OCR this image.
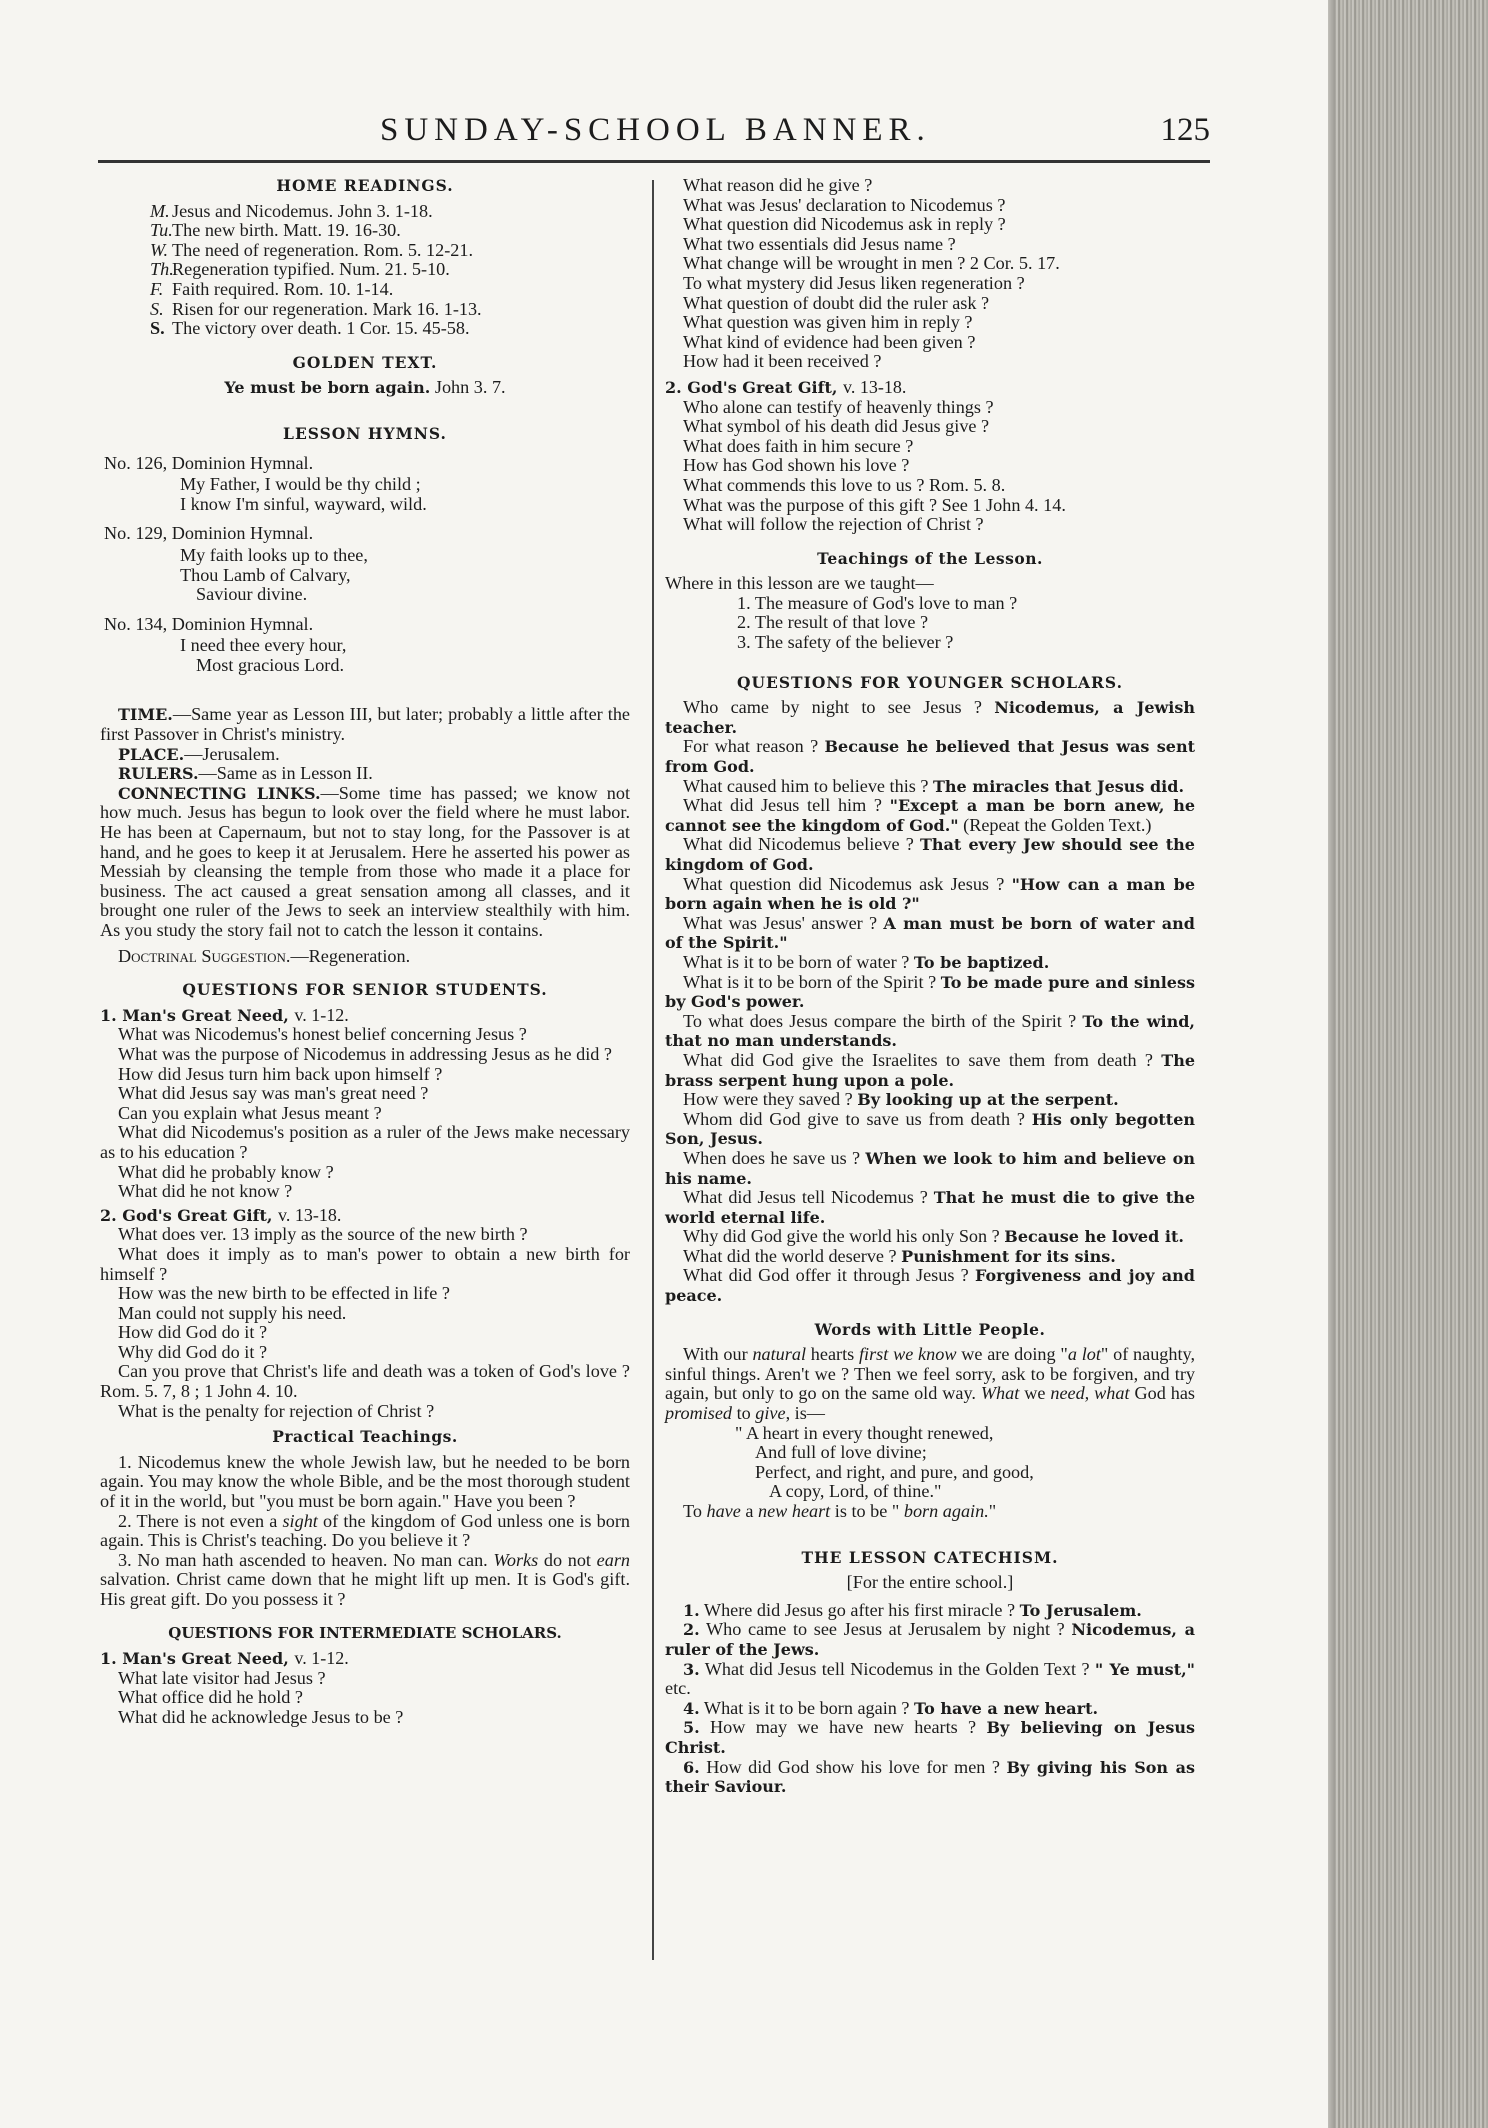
SUNDAY-SCHOOL BANNER.	125
HOME READINGS.
M. Jesus and Nicodemus. John 3. 1-18.
Tu. The new birth. Matt. 19. 16-30.
W. The need of regeneration. Rom. 5. 12-21.
Th.
Regeneration typified. Num. 21. 5-10.
F. Faith required. Rom. 10. 1-14.
S. Risen for our regeneration. Mark 16. 1-13.
S. The victory over death. 1 Cor. 15. 45-58.
GOLDEN TEXT.
Ye must be born again. John 3. 7.
LESSON HYMNS.
No. 126, Dominion Hymnal.
My Father, I would be thy child ;
I know I'm sinful, wayward, wild.
No. 129, Dominion Hymnal.
My faith looks up to thee,
Thou Lamb of Calvary,
Saviour divine.
No. 134, Dominion Hymnal.
I need thee every hour,
Most gracious Lord.

TIME.—Same year as Lesson III, but later; probably a little after the first Passover in Christ's ministry.

PLACE.—Jerusalem.

RULERS.—Same as in Lesson II.

CONNECTING LINKS.—Some time has passed; we know not how much. Jesus has begun to look over the field where he must labor. He has been at Capernaum, but not to stay long, for the Passover is at hand, and he goes to keep it at Jerusalem. Here he asserted his power as Messiah by cleansing the temple from those who made it a place for business. The act caused a great sensation among all classes, and it brought one ruler of the Jews to seek an interview stealthily with him. As you study the story fail not to catch the lesson it contains.

Doctrinal Suggestion.—Regeneration.

QUESTIONS FOR SENIOR STUDENTS.
1. Man's Great Need, v. 1-12.

What was Nicodemus's honest belief concerning Jesus ?

What was the purpose of Nicodemus in addressing Jesus as he did ?

How did Jesus turn him back upon himself ?

What did Jesus say was man's great need ?

Can you explain what Jesus meant ?

What did Nicodemus's position as a ruler of the Jews make necessary as to his education ?

What did he probably know ?

What did he not know ?

2. God's Great Gift, v. 13-18.

What does ver. 13 imply as the source of the new birth ?

What does it imply as to man's power to obtain a new birth for himself ?

How was the new birth to be effected in life ?

Man could not supply his need.

How did God do it ?

Why did God do it ?

Can you prove that Christ's life and death was a token of God's love ? Rom. 5. 7, 8 ; 1 John 4. 10.

What is the penalty for rejection of Christ ?

Practical Teachings.

1. Nicodemus knew the whole Jewish law, but he needed to be born again. You may know the whole Bible, and be the most thorough student of it in the world, but "you must be born again." Have you been ?

2. There is not even a sight of the kingdom of God unless one is born again. This is Christ's teaching. Do you believe it ?

3. No man hath ascended to heaven. No man can. Works do not earn salvation. Christ came down that he might lift up men. It is God's gift. His great gift. Do you possess it ?

QUESTIONS FOR INTERMEDIATE SCHOLARS.
1. Man's Great Need, v. 1-12.

What late visitor had Jesus ?

What office did he hold ?

What did he acknowledge Jesus to be ?

What reason did he give ?

What was Jesus' declaration to Nicodemus ?

What question did Nicodemus ask in reply ?

What two essentials did Jesus name ?

What change will be wrought in men ? 2 Cor. 5. 17.

To what mystery did Jesus liken regeneration ?

What question of doubt did the ruler ask ?

What question was given him in reply ?

What kind of evidence had been given ?

How had it been received ?

2. God's Great Gift, v. 13-18.

Who alone can testify of heavenly things ?

What symbol of his death did Jesus give ?

What does faith in him secure ?

How has God shown his love ?

What commends this love to us ? Rom. 5. 8.

What was the purpose of this gift ? See 1 John 4. 14.

What will follow the rejection of Christ ?

Teachings of the Lesson.

Where in this lesson are we taught—

1. The measure of God's love to man ?
2. The result of that love ?
3. The safety of the believer ?
QUESTIONS FOR YOUNGER SCHOLARS.

Who came by night to see Jesus ? Nicodemus, a Jewish teacher.

For what reason ? Because he believed that Jesus was sent from God.

What caused him to believe this ? The miracles that Jesus did.

What did Jesus tell him ? "Except a man be born anew, he cannot see the kingdom of God." (Repeat the Golden Text.)

What did Nicodemus believe ? That every Jew should see the kingdom of God.

What question did Nicodemus ask Jesus ? "How can a man be born again when he is old ?"

What was Jesus' answer ? A man must be born of water and of the Spirit."

What is it to be born of water ? To be baptized.

What is it to be born of the Spirit ? To be made pure and sinless by God's power.

To what does Jesus compare the birth of the Spirit ? To the wind, that no man understands.

What did God give the Israelites to save them from death ? The brass serpent hung upon a pole.

How were they saved ? By looking up at the serpent.

Whom did God give to save us from death ? His only begotten Son, Jesus.

When does he save us ? When we look to him and believe on his name.

What did Jesus tell Nicodemus ? That he must die to give the world eternal life.

Why did God give the world his only Son ? Because he loved it.

What did the world deserve ? Punishment for its sins.

What did God offer it through Jesus ? Forgiveness and joy and peace.

Words with Little People.

With our natural hearts first we know we are doing "a lot" of naughty, sinful things. Aren't we ? Then we feel sorry, ask to be forgiven, and try again, but only to go on the same old way. What we need, what God has promised to give, is—

" A heart in every thought renewed,
And full of love divine;
Perfect, and right, and pure, and good,
A copy, Lord, of thine."

To have a new heart is to be " born again."

THE LESSON CATECHISM.
[For the entire school.]

1. Where did Jesus go after his first miracle ? To Jerusalem.

2. Who came to see Jesus at Jerusalem by night ? Nicodemus, a ruler of the Jews.

3. What did Jesus tell Nicodemus in the Golden Text ? " Ye must," etc.

4. What is it to be born again ? To have a new heart.

5. How may we have new hearts ? By believing on Jesus Christ.

6. How did God show his love for men ? By giving his Son as their Saviour.
